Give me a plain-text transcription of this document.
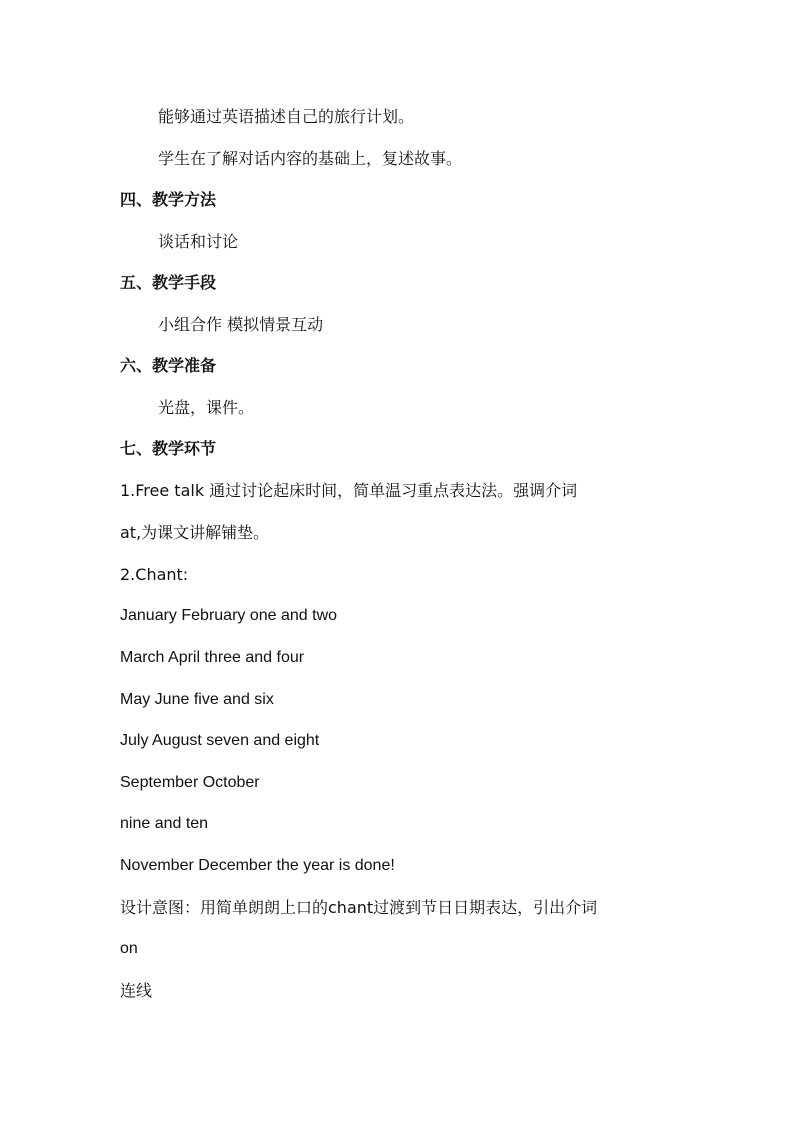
能够通过英语描述自己的旅行计划。
学生在了解对话内容的基础上，复述故事。
四、教学方法
谈话和讨论
五、教学手段
小组合作 模拟情景互动
六、教学准备
光盘，课件。
七、教学环节
1.Free talk 通过讨论起床时间，简单温习重点表达法。强调介词
at,为课文讲解铺垫。
2.Chant:
January February one and two
March April three and four
May June five and six
July August seven and eight
September October
nine and ten
November December the year is done!
设计意图：用简单朗朗上口的chant过渡到节日日期表达，引出介词
on
连线
